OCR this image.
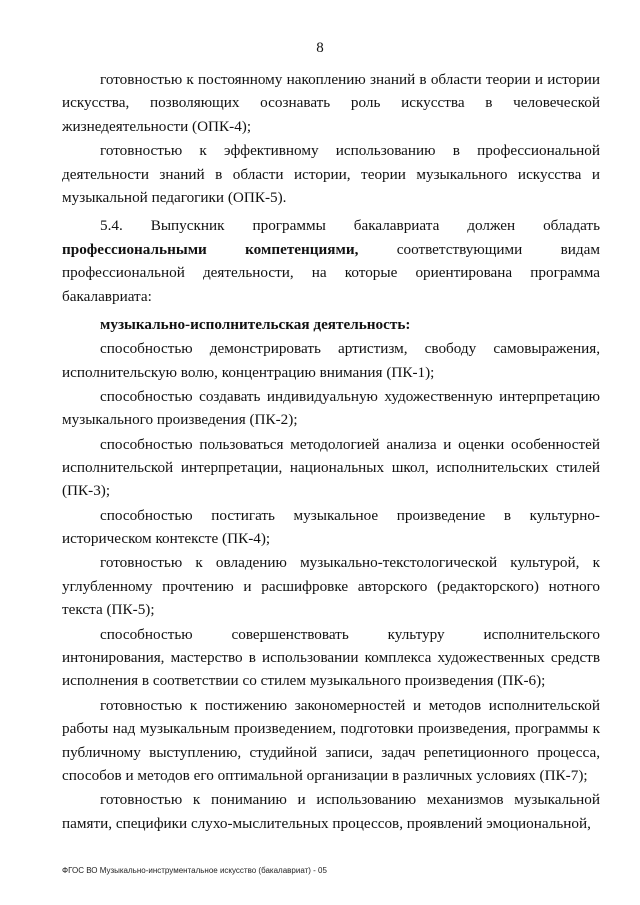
8

готовностью к постоянному накоплению знаний в области теории и истории искусства, позволяющих осознавать роль искусства в человеческой жизнедеятельности (ОПК-4);

готовностью к эффективному использованию в профессиональной деятельности знаний в области истории, теории музыкального искусства и музыкальной педагогики (ОПК-5).

5.4. Выпускник программы бакалавриата должен обладать профессиональными компетенциями, соответствующими видам профессиональной деятельности, на которые ориентирована программа бакалавриата:

музыкально-исполнительская деятельность:

способностью демонстрировать артистизм, свободу самовыражения, исполнительскую волю, концентрацию внимания (ПК-1);

способностью создавать индивидуальную художественную интерпретацию музыкального произведения (ПК-2);

способностью пользоваться методологией анализа и оценки особенностей исполнительской интерпретации, национальных школ, исполнительских стилей (ПК-3);

способностью постигать музыкальное произведение в культурно-историческом контексте (ПК-4);

готовностью к овладению музыкально-текстологической культурой, к углубленному прочтению и расшифровке авторского (редакторского) нотного текста (ПК-5);

способностью совершенствовать культуру исполнительского интонирования, мастерство в использовании комплекса художественных средств исполнения в соответствии со стилем музыкального произведения (ПК-6);

готовностью к постижению закономерностей и методов исполнительской работы над музыкальным произведением, подготовки произведения, программы к публичному выступлению, студийной записи, задач репетиционного процесса, способов и методов его оптимальной организации в различных условиях (ПК-7);

готовностью к пониманию и использованию механизмов музыкальной памяти, специфики слухо-мыслительных процессов, проявлений эмоциональной,

ФГОС ВО Музыкально-инструментальное искусство (бакалавриат) - 05
